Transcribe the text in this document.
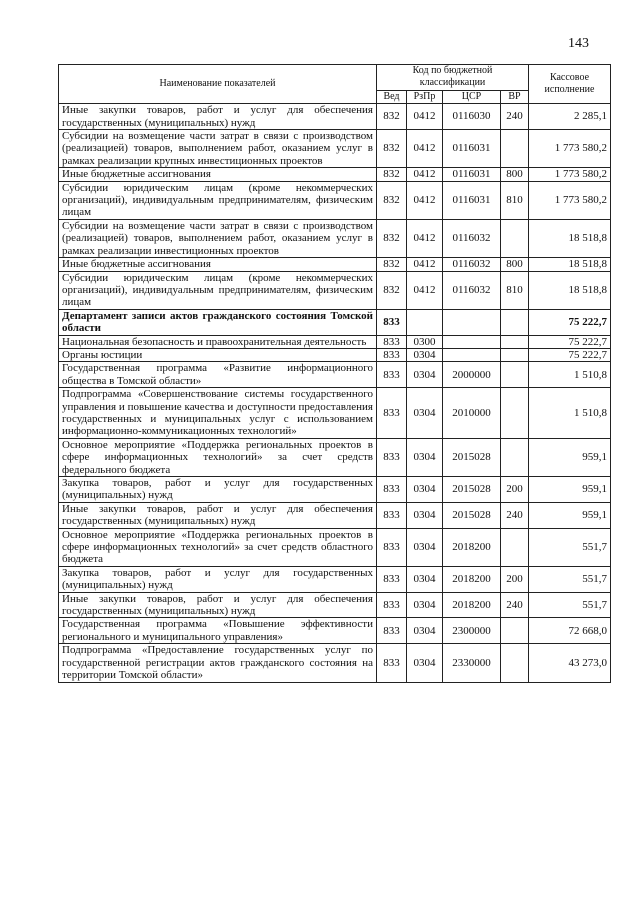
143
Наименование показателей	Код по бюджетной классификации				Кассовое исполнение
	Вед	РзПр	ЦСР	ВР	
Иные закупки товаров, работ и услуг для обеспечения государственных (муниципальных) нужд	832	0412	0116030	240	2 285,1
Субсидии на возмещение части затрат в связи с производством (реализацией) товаров, выполнением работ, оказанием услуг в рамках реализации крупных инвестиционных проектов	832	0412	0116031		1 773 580,2
Иные бюджетные ассигнования	832	0412	0116031	800	1 773 580,2
Субсидии юридическим лицам (кроме некоммерческих организаций), индивидуальным предпринимателям, физическим лицам	832	0412	0116031	810	1 773 580,2
Субсидии на возмещение части затрат в связи с производством (реализацией) товаров, выполнением работ, оказанием услуг в рамках реализации инвестиционных проектов	832	0412	0116032		18 518,8
Иные бюджетные ассигнования	832	0412	0116032	800	18 518,8
Субсидии юридическим лицам (кроме некоммерческих организаций), индивидуальным предпринимателям, физическим лицам	832	0412	0116032	810	18 518,8
Департамент записи актов гражданского состояния Томской области	833				75 222,7
Национальная безопасность и правоохранительная деятельность	833	0300			75 222,7
Органы юстиции	833	0304			75 222,7
Государственная программа «Развитие информационного общества в Томской области»	833	0304	2000000		1 510,8
Подпрограмма «Совершенствование системы государственного управления и повышение качества и доступности предоставления государственных и муниципальных услуг с использованием информационно-коммуникационных технологий»	833	0304	2010000		1 510,8
Основное мероприятие «Поддержка региональных проектов в сфере информационных технологий» за счет средств федерального бюджета	833	0304	2015028		959,1
Закупка товаров, работ и услуг для государственных (муниципальных) нужд	833	0304	2015028	200	959,1
Иные закупки товаров, работ и услуг для обеспечения государственных (муниципальных) нужд	833	0304	2015028	240	959,1
Основное мероприятие «Поддержка региональных проектов в сфере информационных технологий» за счет средств областного бюджета	833	0304	2018200		551,7
Закупка товаров, работ и услуг для государственных (муниципальных) нужд	833	0304	2018200	200	551,7
Иные закупки товаров, работ и услуг для обеспечения государственных (муниципальных) нужд	833	0304	2018200	240	551,7
Государственная программа «Повышение эффективности регионального и муниципального управления»	833	0304	2300000		72 668,0
Подпрограмма «Предоставление государственных услуг по государственной регистрации актов гражданского состояния на территории Томской области»	833	0304	2330000		43 273,0
